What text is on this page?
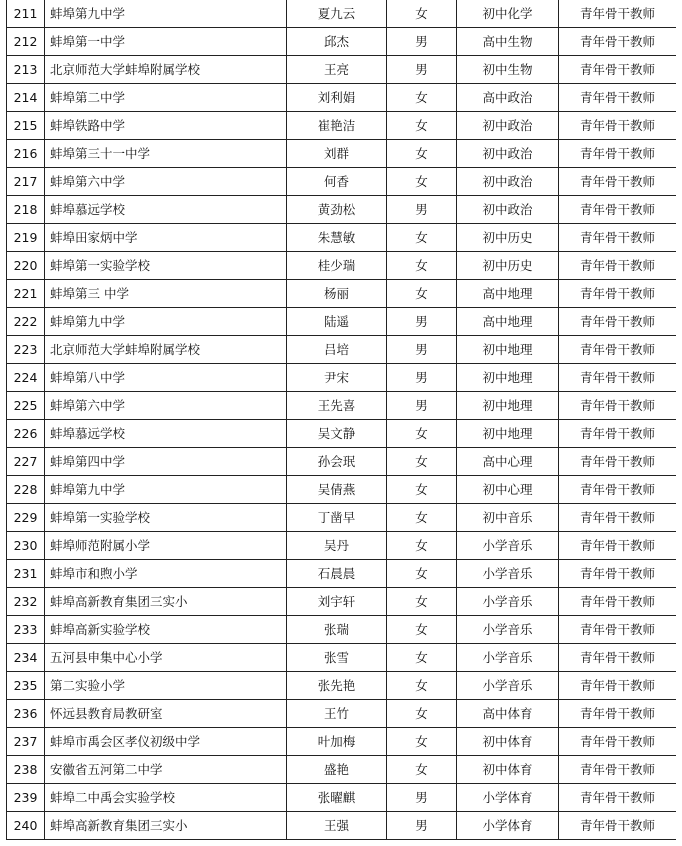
211	蚌埠第九中学	夏九云	女	初中化学	青年骨干教师
212	蚌埠第一中学	邱杰	男	高中生物	青年骨干教师
213	北京师范大学蚌埠附属学校	王亮	男	初中生物	青年骨干教师
214	蚌埠第二中学	刘利娟	女	高中政治	青年骨干教师
215	蚌埠铁路中学	崔艳洁	女	初中政治	青年骨干教师
216	蚌埠第三十一中学	刘群	女	初中政治	青年骨干教师
217	蚌埠第六中学	何香	女	初中政治	青年骨干教师
218	蚌埠慕远学校	黄劲松	男	初中政治	青年骨干教师
219	蚌埠田家炳中学	朱慧敏	女	初中历史	青年骨干教师
220	蚌埠第一实验学校	桂少瑞	女	初中历史	青年骨干教师
221	蚌埠第三 中学	杨丽	女	高中地理	青年骨干教师
222	蚌埠第九中学	陆遥	男	高中地理	青年骨干教师
223	北京师范大学蚌埠附属学校	吕培	男	初中地理	青年骨干教师
224	蚌埠第八中学	尹宋	男	初中地理	青年骨干教师
225	蚌埠第六中学	王先喜	男	初中地理	青年骨干教师
226	蚌埠慕远学校	吴文静	女	初中地理	青年骨干教师
227	蚌埠第四中学	孙会珉	女	高中心理	青年骨干教师
228	蚌埠第九中学	吴倩燕	女	初中心理	青年骨干教师
229	蚌埠第一实验学校	丁凿早	女	初中音乐	青年骨干教师
230	蚌埠师范附属小学	吴丹	女	小学音乐	青年骨干教师
231	蚌埠市和煦小学	石晨晨	女	小学音乐	青年骨干教师
232	蚌埠高新教育集团三实小	刘宇轩	女	小学音乐	青年骨干教师
233	蚌埠高新实验学校	张瑞	女	小学音乐	青年骨干教师
234	五河县申集中心小学	张雪	女	小学音乐	青年骨干教师
235	第二实验小学	张先艳	女	小学音乐	青年骨干教师
236	怀远县教育局教研室	王竹	女	高中体育	青年骨干教师
237	蚌埠市禹会区孝仪初级中学	叶加梅	女	初中体育	青年骨干教师
238	安徽省五河第二中学	盛艳	女	初中体育	青年骨干教师
239	蚌埠二中禹会实验学校	张曜麒	男	小学体育	青年骨干教师
240	蚌埠高新教育集团三实小	王强	男	小学体育	青年骨干教师
